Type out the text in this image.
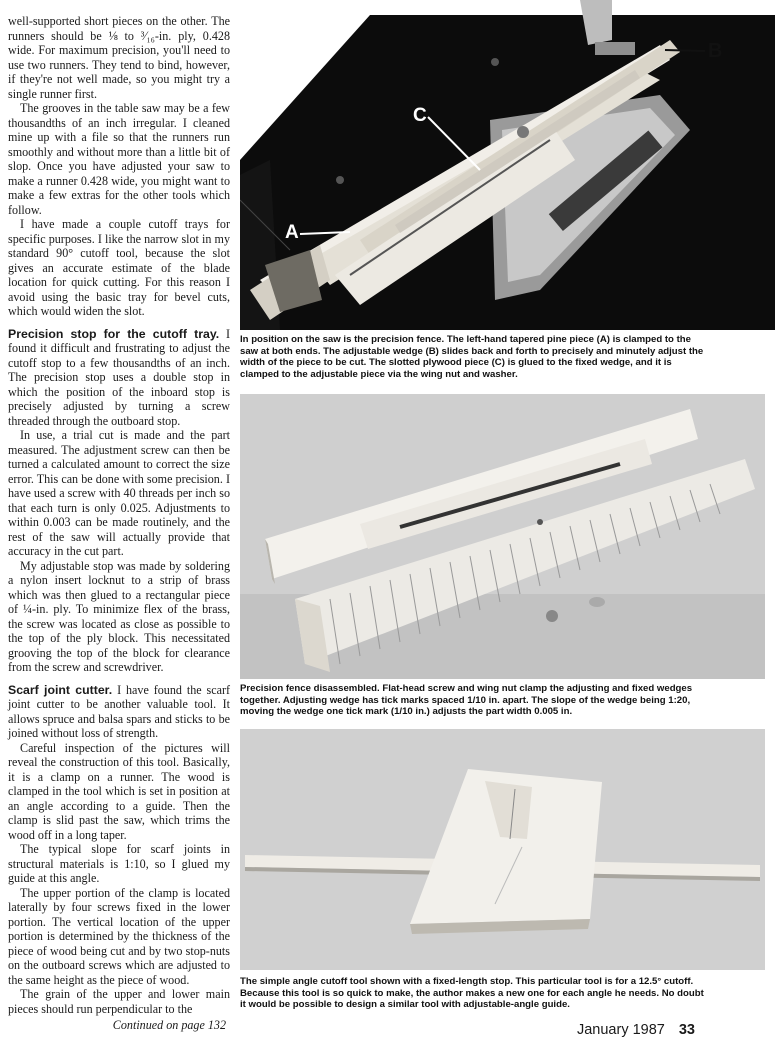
well-supported short pieces on the other. The runners should be ⅛ to ³⁄₁₆-in. ply, 0.428 wide. For maximum precision, you'll need to use two runners. They tend to bind, however, if they're not well made, so you might try a single runner first.

The grooves in the table saw may be a few thousandths of an inch irregular. I cleaned mine up with a file so that the runners run smoothly and without more than a little bit of slop. Once you have adjusted your saw to make a runner 0.428 wide, you might want to make a few extras for the other tools which follow.

I have made a couple cutoff trays for specific purposes. I like the narrow slot in my standard 90° cutoff tool, because the slot gives an accurate estimate of the blade location for quick cutting. For this reason I avoid using the basic tray for bevel cuts, which would widen the slot.

Precision stop for the cutoff tray. I found it difficult and frustrating to adjust the cutoff stop to a few thousandths of an inch. The precision stop uses a double stop in which the position of the inboard stop is precisely adjusted by turning a screw threaded through the outboard stop.

In use, a trial cut is made and the part measured. The adjustment screw can then be turned a calculated amount to correct the size error. This can be done with some precision. I have used a screw with 40 threads per inch so that each turn is only 0.025. Adjustments to within 0.003 can be made routinely, and the rest of the saw will actually provide that accuracy in the cut part.

My adjustable stop was made by soldering a nylon insert locknut to a strip of brass which was then glued to a rectangular piece of ¼-in. ply. To minimize flex of the brass, the screw was located as close as possible to the top of the ply block. This necessitated grooving the top of the block for clearance from the screw and screwdriver.

Scarf joint cutter. I have found the scarf joint cutter to be another valuable tool. It allows spruce and balsa spars and sticks to be joined without loss of strength.

Careful inspection of the pictures will reveal the construction of this tool. Basically, it is a clamp on a runner. The wood is clamped in the tool which is set in position at an angle according to a guide. Then the clamp is slid past the saw, which trims the wood off in a long taper.

The typical slope for scarf joints in structural materials is 1:10, so I glued my guide at this angle.

The upper portion of the clamp is located laterally by four screws fixed in the lower portion. The vertical location of the upper portion is determined by the thickness of the piece of wood being cut and by two stop-nuts on the outboard screws which are adjusted to the same height as the piece of wood.

The grain of the upper and lower main pieces should run perpendicular to the

Continued on page 132
A
B
C
In position on the saw is the precision fence. The left-hand tapered pine piece (A) is clamped to the saw at both ends. The adjustable wedge (B) slides back and forth to precisely and minutely adjust the width of the piece to be cut. The slotted plywood piece (C) is glued to the fixed wedge, and it is clamped to the adjustable piece via the wing nut and washer.
Precision fence disassembled. Flat-head screw and wing nut clamp the adjusting and fixed wedges together. Adjusting wedge has tick marks spaced 1/10 in. apart. The slope of the wedge being 1:20, moving the wedge one tick mark (1/10 in.) adjusts the part width 0.005 in.
The simple angle cutoff tool shown with a fixed-length stop. This particular tool is for a 12.5° cutoff. Because this tool is so quick to make, the author makes a new one for each angle he needs. No doubt it would be possible to design a similar tool with adjustable-angle guide.
January 1987 33
